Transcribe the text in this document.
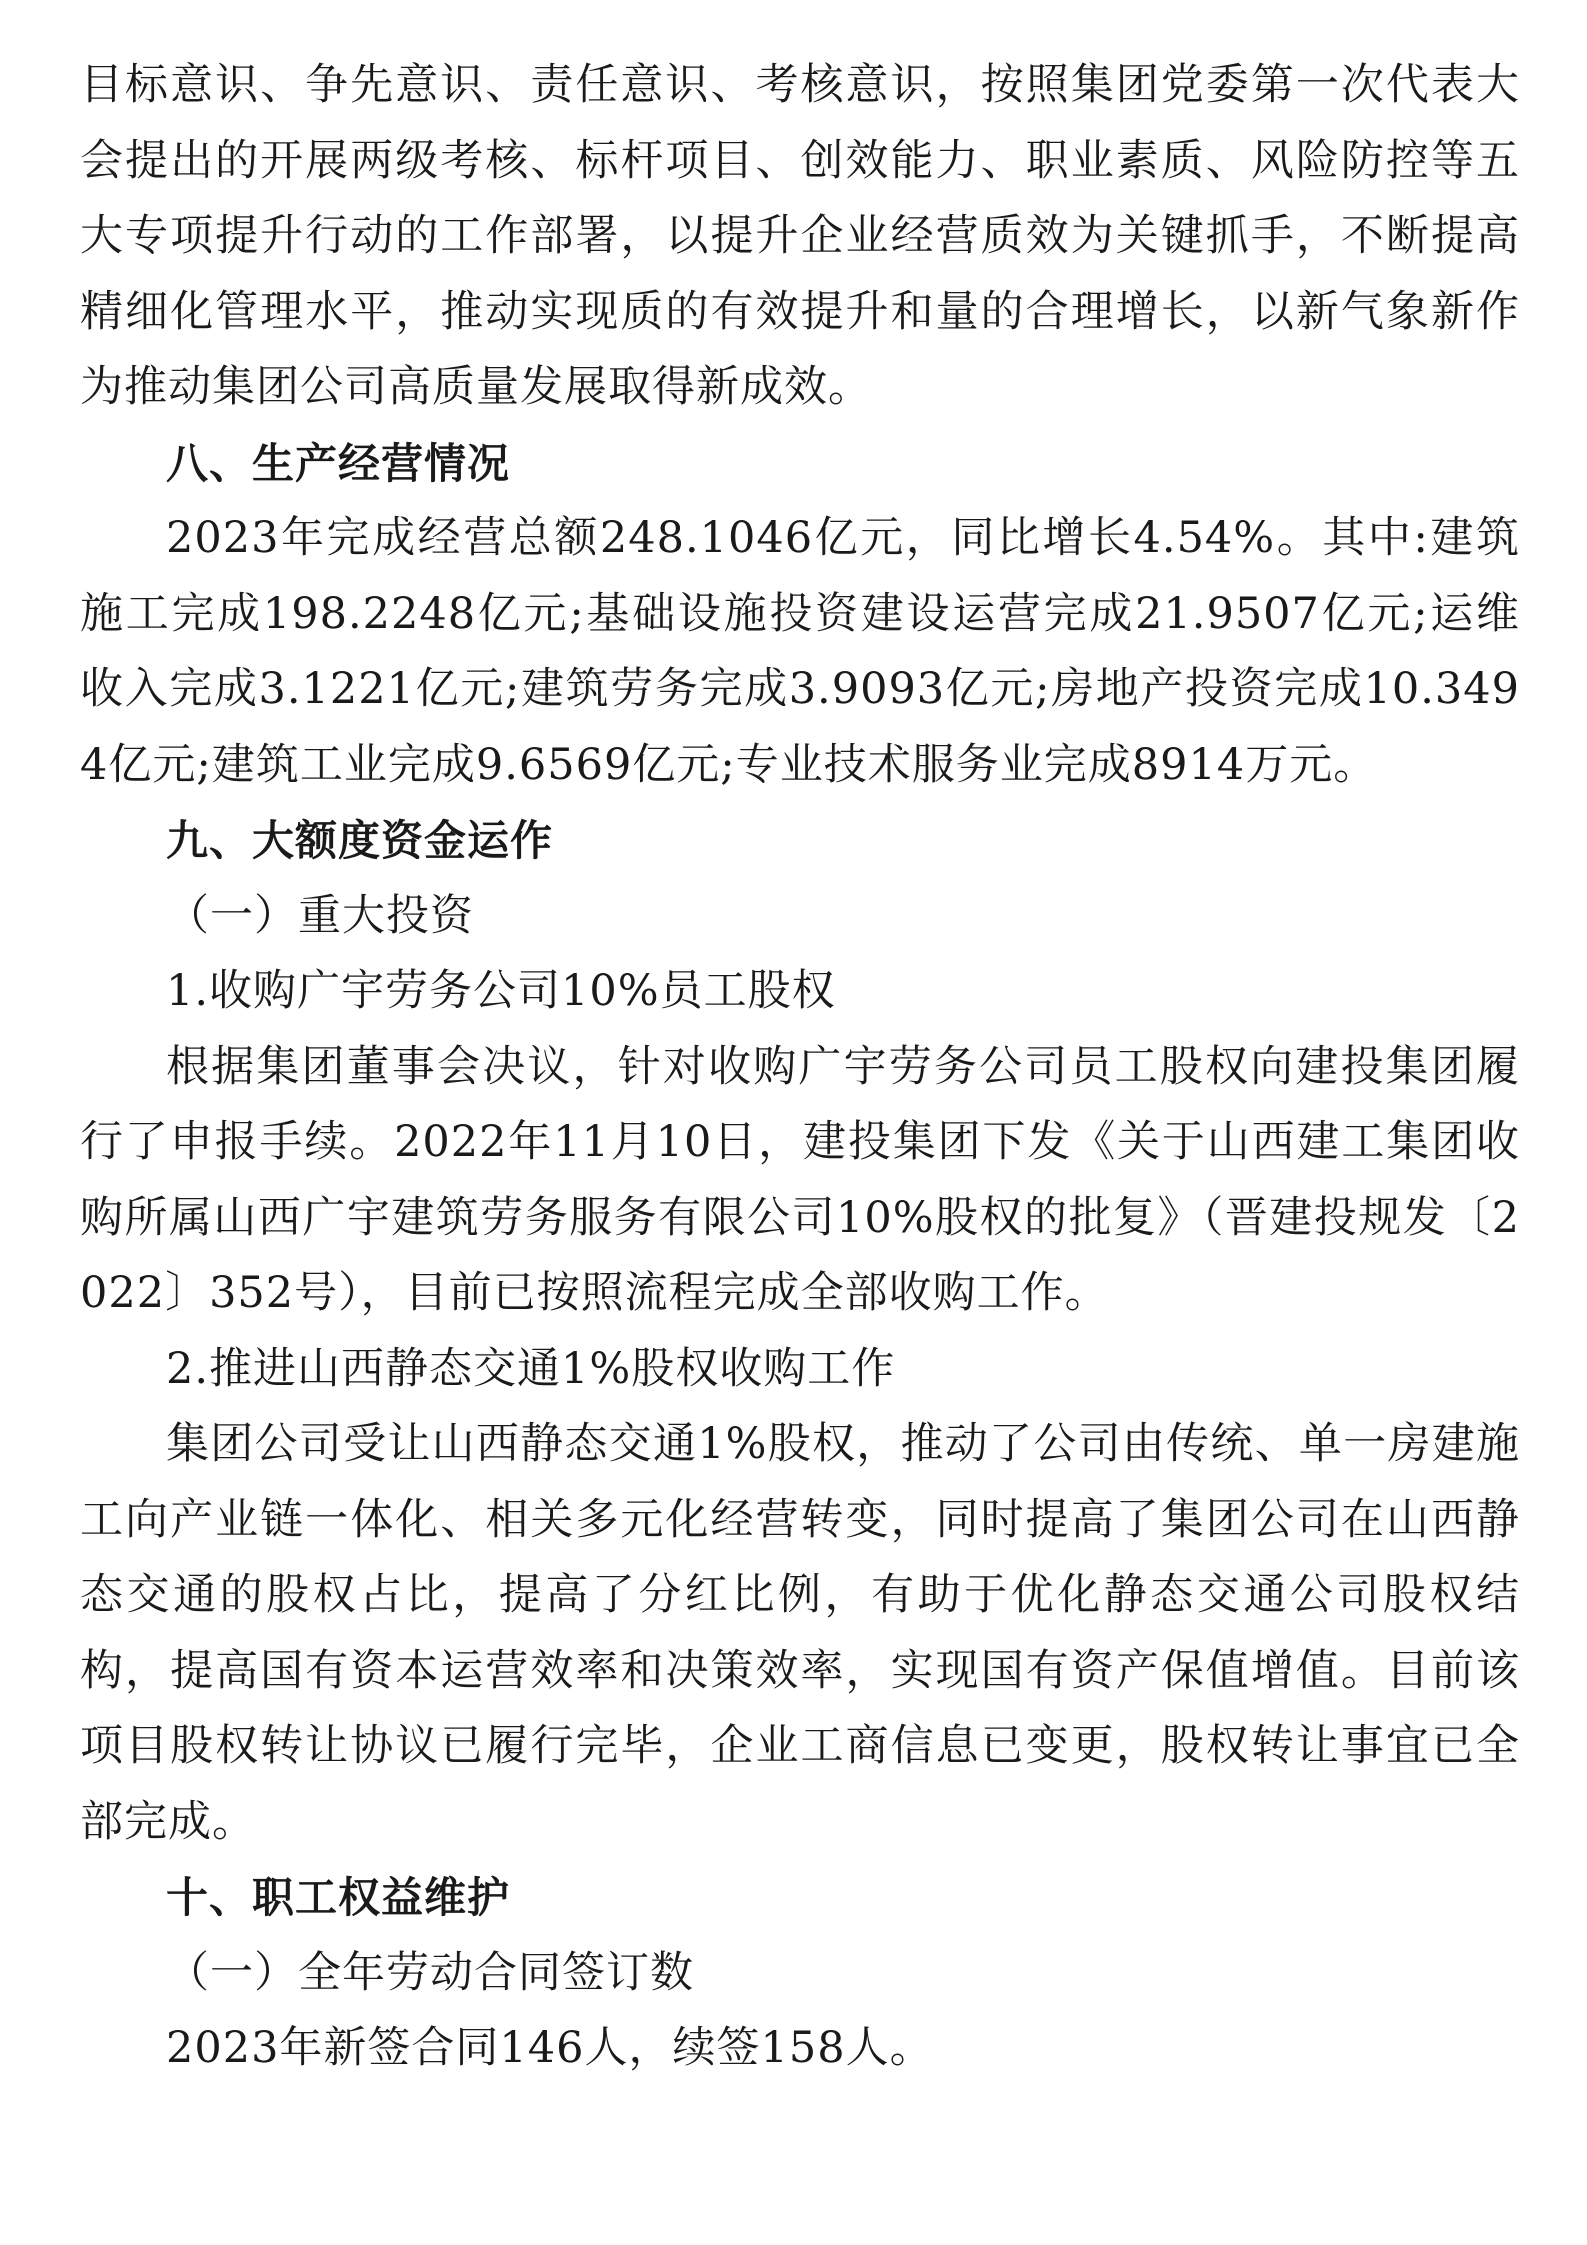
目标意识、争先意识、责任意识、考核意识，按照集团党委第一次代表大会提出的开展两级考核、标杆项目、创效能力、职业素质、风险防控等五大专项提升行动的工作部署，以提升企业经营质效为关键抓手，不断提高精细化管理水平，推动实现质的有效提升和量的合理增长，以新气象新作为推动集团公司高质量发展取得新成效。

八、生产经营情况

2023年完成经营总额248.1046亿元，同比增长4.54%。其中:建筑施工完成198.2248亿元;基础设施投资建设运营完成21.9507亿元;运维收入完成3.1221亿元;建筑劳务完成3.9093亿元;房地产投资完成10.3494亿元;建筑工业完成9.6569亿元;专业技术服务业完成8914万元。

九、大额度资金运作

（一）重大投资

1.收购广宇劳务公司10%员工股权

根据集团董事会决议，针对收购广宇劳务公司员工股权向建投集团履行了申报手续。2022年11月10日，建投集团下发《关于山西建工集团收购所属山西广宇建筑劳务服务有限公司10%股权的批复》（晋建投规发〔2022〕352号），目前已按照流程完成全部收购工作。

2.推进山西静态交通1%股权收购工作

集团公司受让山西静态交通1%股权，推动了公司由传统、单一房建施工向产业链一体化、相关多元化经营转变，同时提高了集团公司在山西静态交通的股权占比，提高了分红比例，有助于优化静态交通公司股权结构，提高国有资本运营效率和决策效率，实现国有资产保值增值。目前该项目股权转让协议已履行完毕，企业工商信息已变更，股权转让事宜已全部完成。

十、职工权益维护

（一）全年劳动合同签订数

2023年新签合同146人，续签158人。
